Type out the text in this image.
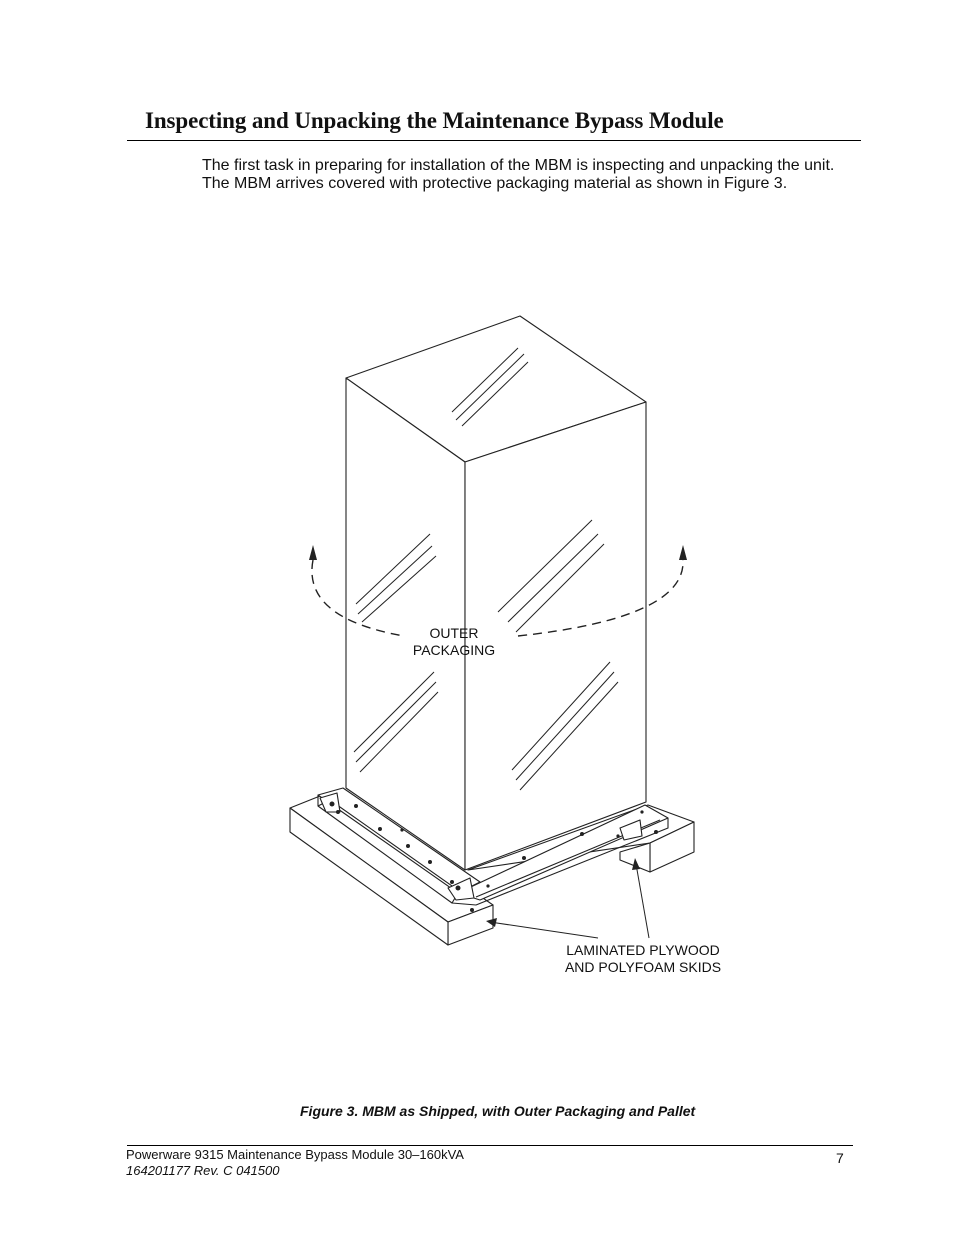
Inspecting and Unpacking the Maintenance Bypass Module
The first task in preparing for installation of the MBM is inspecting and unpacking the unit. The MBM arrives covered with protective packaging material as shown in Figure 3.
OUTER
PACKAGING
LAMINATED PLYWOOD
AND POLYFOAM SKIDS
Figure 3. MBM as Shipped, with Outer Packaging and Pallet
Powerware 9315 Maintenance Bypass Module 30–160kVA
164201177 Rev. C 041500
7
